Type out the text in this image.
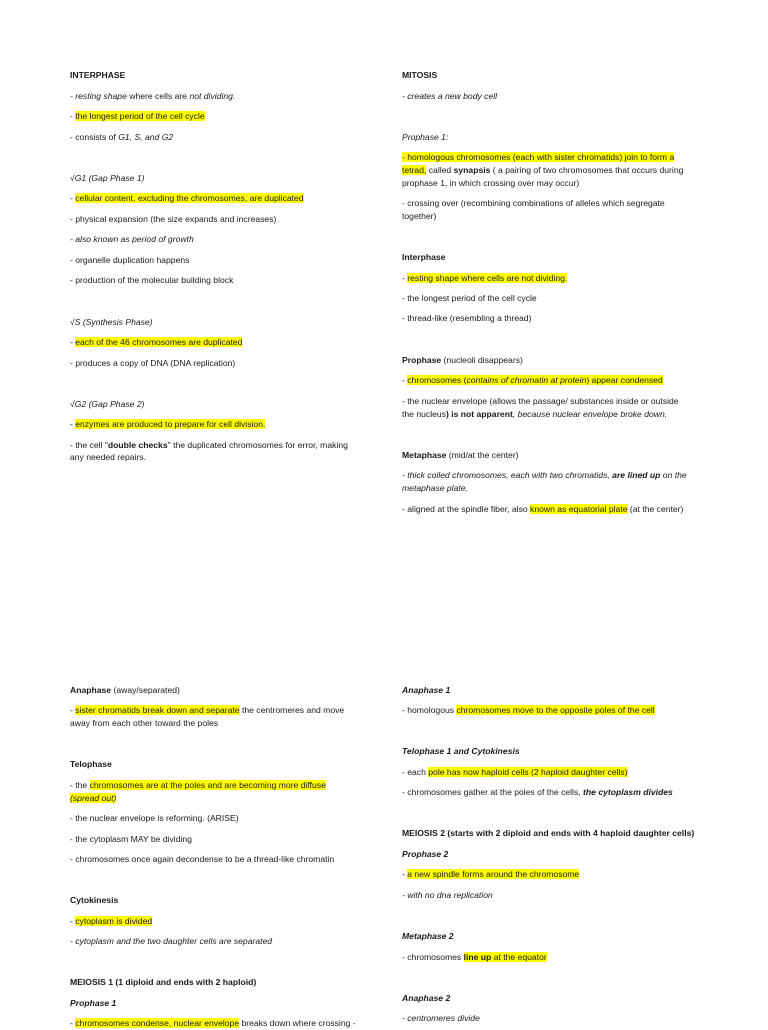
INTERPHASE
- resting shape where cells are not dividing.
- the longest period of the cell cycle
- consists of G1, S, and G2
√G1 (Gap Phase 1)
- cellular content, excluding the chromosomes, are duplicated
- physical expansion (the size expands and increases)
- also known as period of growth
- organelle duplication happens
- production of the molecular building block
√S (Synthesis Phase)
- each of the 46 chromosomes are duplicated
- produces a copy of DNA (DNA replication)
√G2 (Gap Phase 2)
- enzymes are produced to prepare for cell division.
- the cell "double checks" the duplicated chromosomes for error, making
any needed repairs.
MITOSIS
- creates a new body cell
Prophase 1:
- homologous chromosomes (each with sister chromatids) join to form a
tetrad, called synapsis ( a pairing of two chromosomes that occurs during
prophase 1, in which crossing over may occur)
- crossing over (recombining combinations of alleles which segregate
together)
Interphase
- resting shape where cells are not dividing.
- the longest period of the cell cycle
- thread-like (resembling a thread)
Prophase (nucleoli disappears)
- chromosomes (contains of chromatin at protein) appear condensed
- the nuclear envelope (allows the passage/ substances inside or outside
the nucleus) is not apparent, because nuclear envelope broke down.
Metaphase (mid/at the center)
- thick coiled chromosomes, each with two chromatids, are lined up on the
metaphase plate.
- aligned at the spindle fiber, also known as equatorial plate (at the center)
Anaphase (away/separated)
- sister chromatids break down and separate the centromeres and move
away from each other toward the poles
Telophase
- the chromosomes are at the poles and are becoming more diffuse
(spread out)
- the nuclear envelope is reforming. (ARISE)
- the cytoplasm MAY be dividing
- chromosomes once again decondense to be a thread-like chromatin
Cytokinesis
- cytoplasm is divided
- cytoplasm and the two daughter cells are separated
MEIOSIS 1 (1 diploid and ends with 2 haploid)
Prophase 1
- chromosomes condense, nuclear envelope breaks down where crossing -
Anaphase 1
- homologous chromosomes move to the opposite poles of the cell
Telophase 1 and Cytokinesis
- each pole has now haploid cells (2 haploid daughter cells)
- chromosomes gather at the poles of the cells, the cytoplasm divides
MEIOSIS 2 (starts with 2 diploid and ends with 4 haploid daughter cells)
Prophase 2
- a new spindle forms around the chromosome
- with no dna replication
Metaphase 2
- chromosomes line up at the equator
Anaphase 2
- centromeres divide
